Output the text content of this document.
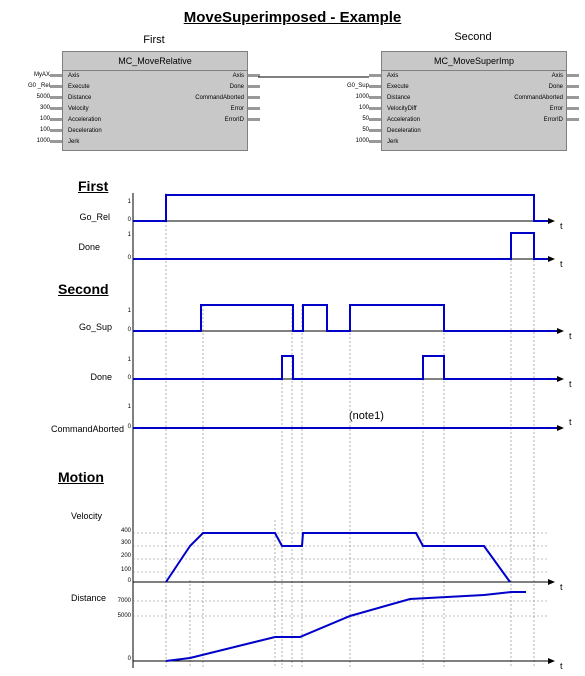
MoveSuperimposed - Example
First
MC_MoveRelative
Axis	Axis
Execute	Done
Distance	CommandAborted
Velocity	Error
Acceleration	ErrorID
Deceleration
Jerk
Second
MC_MoveSuperImp
Axis	Axis
Execute	Done
Distance	CommandAborted
VelocityDiff	Error
Acceleration	ErrorID
Deceleration
Jerk
MyAX
G0 _Rel
5000
300
100
100
1000
G0_Sup
1000
100
50
50
1000
First
Second
Motion
Go_Rel
Done
Go_Sup
Done
CommandAborted
Velocity
Distance
(note1)
1
0
1
0
1
0
1
0
1
0
400
300
200
100
0
7000
5000
0
t
t
t
t
t
t
t
